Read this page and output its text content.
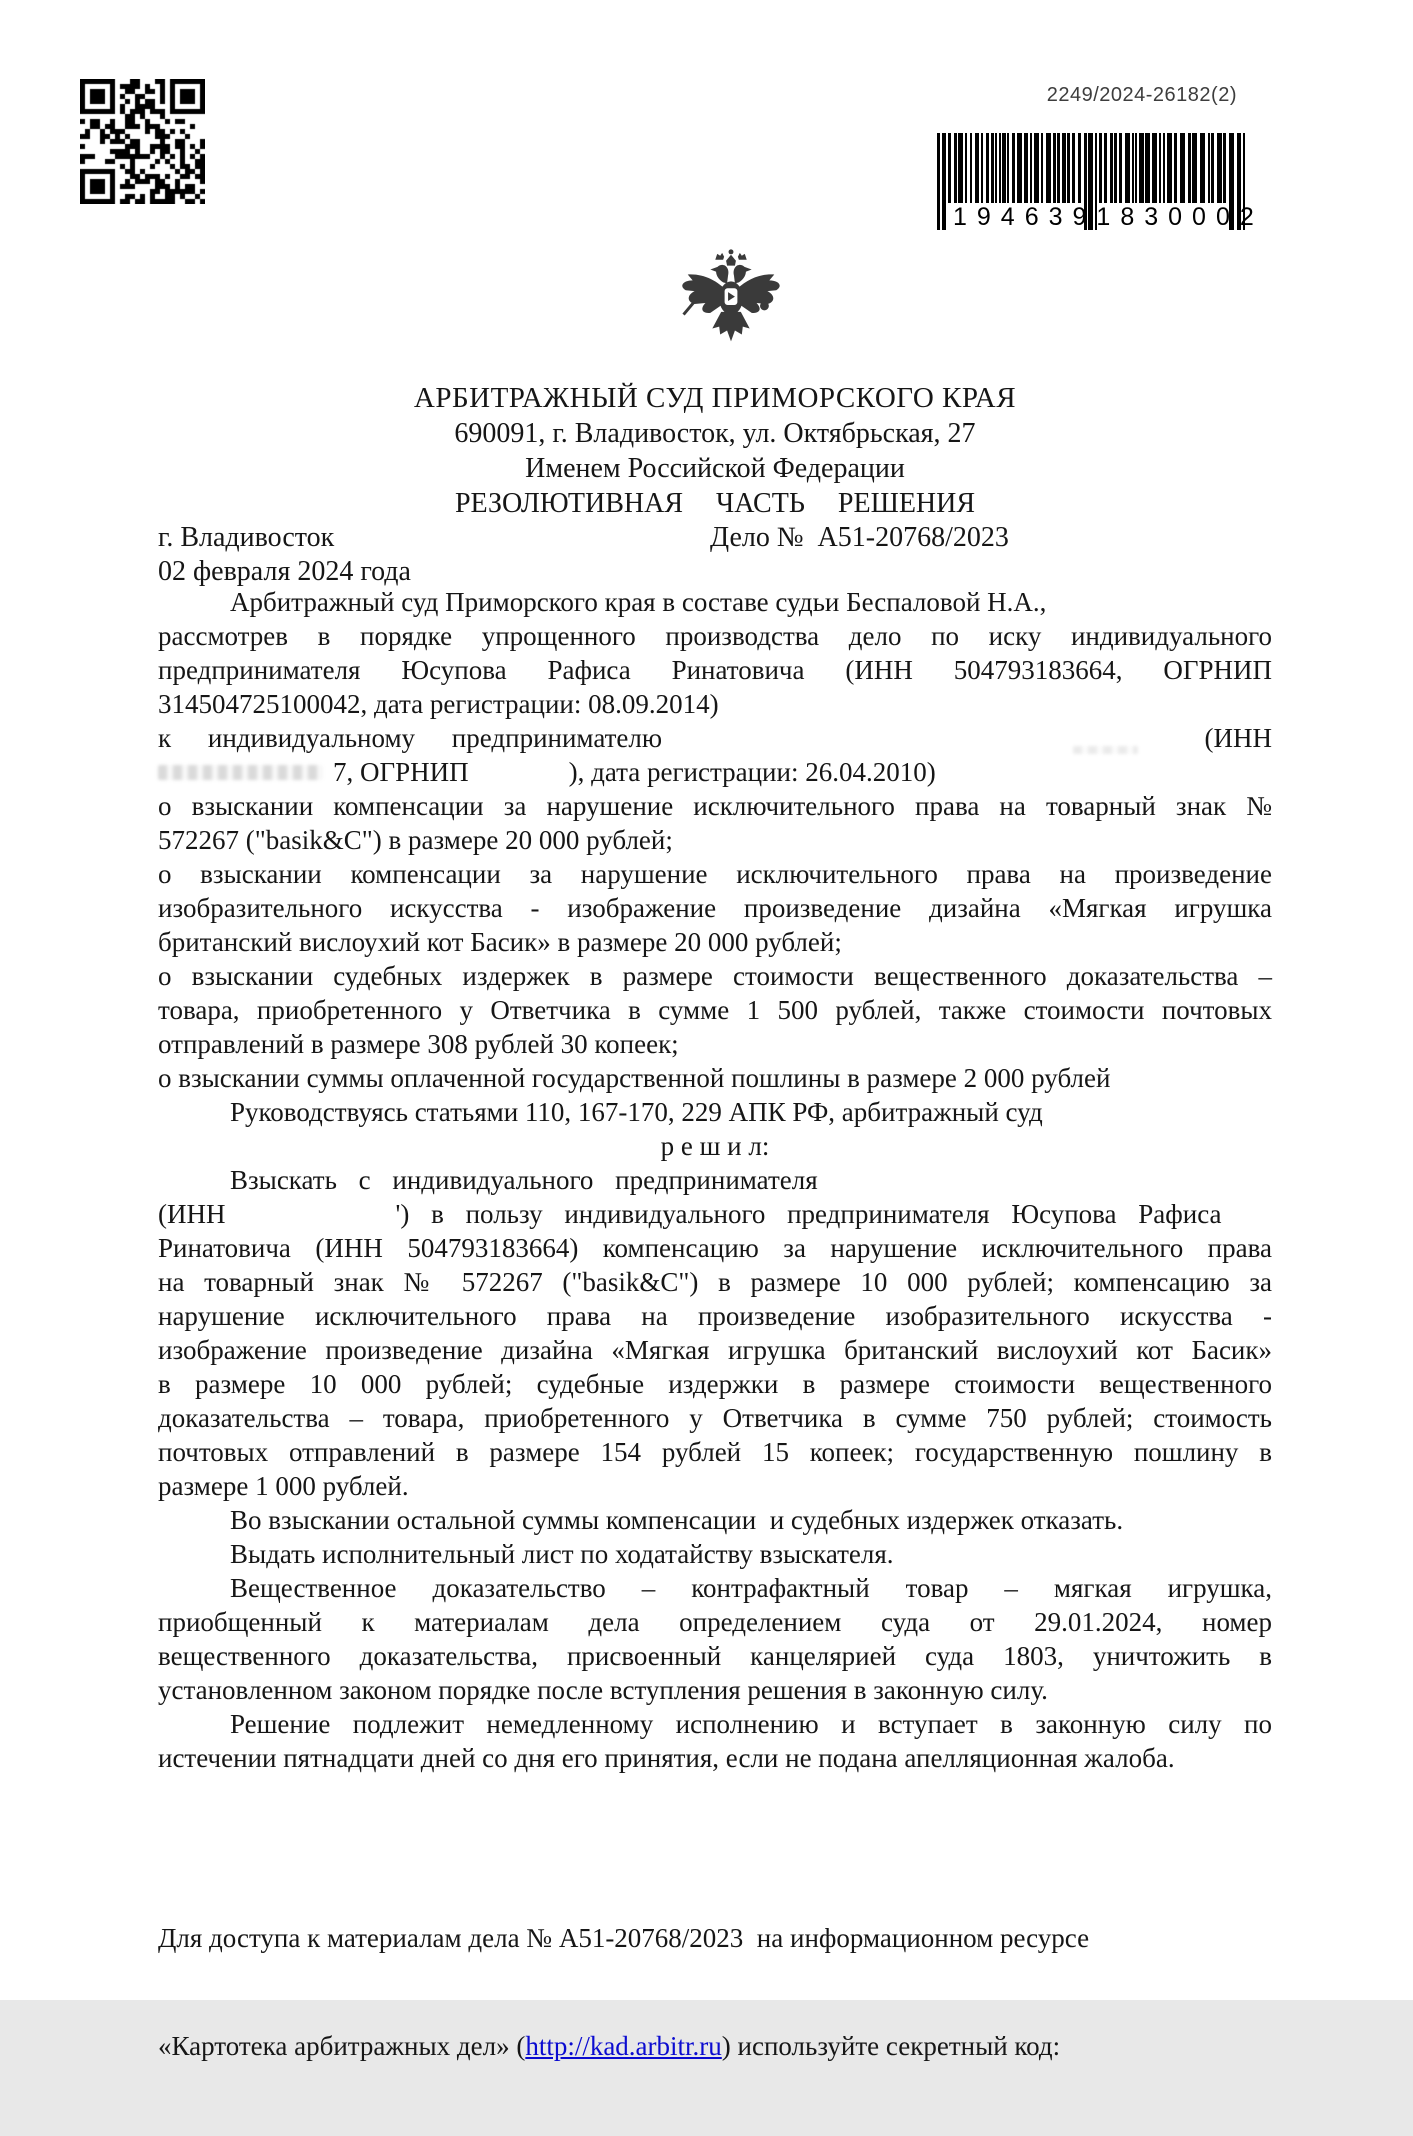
2249/2024-26182(2)
1946391830002
АРБИТРАЖНЫЙ СУД ПРИМОРСКОГО КРАЯ
690091, г. Владивосток, ул. Октябрьская, 27
Именем Российской Федерации
РЕЗОЛЮТИВНАЯ ЧАСТЬ РЕШЕНИЯ
г. Владивосток	Дело №  А51-20768/2023
02 февраля 2024 года
Арбитражный суд Приморского края в составе судьи Беспаловой Н.А.,
рассмотрев в порядке упрощенного производства дело по иску индивидуального
предпринимателя Юсупова Рафиса Ринатовича (ИНН 504793183664, ОГРНИП
314504725100042, дата регистрации: 08.09.2014)
к индивидуальному предпринимателю	(ИНН
7, ОГРНИП	), дата регистрации: 26.04.2010)
о взыскании компенсации за нарушение исключительного права на товарный знак №
572267 ("basik&C") в размере 20 000 рублей;
о взыскании компенсации за нарушение исключительного права на произведение
изобразительного искусства - изображение произведение дизайна «Мягкая игрушка
британский вислоухий кот Басик» в размере 20 000 рублей;
о взыскании судебных издержек в размере стоимости вещественного доказательства –
товара, приобретенного у Ответчика в сумме 1 500 рублей, также стоимости почтовых
отправлений в размере 308 рублей 30 копеек;
о взыскании суммы оплаченной государственной пошлины в размере 2 000 рублей
Руководствуясь статьями 110, 167-170, 229 АПК РФ, арбитражный суд
р е ш и л:
Взыскать с индивидуального предпринимателя
(ИНН	') в пользу индивидуального предпринимателя Юсупова Рафиса
Ринатовича (ИНН 504793183664) компенсацию за нарушение исключительного права
на товарный знак № 572267 ("basik&C") в размере 10 000 рублей; компенсацию за
нарушение исключительного права на произведение изобразительного искусства -
изображение произведение дизайна «Мягкая игрушка британский вислоухий кот Басик»
в размере 10 000 рублей; судебные издержки в размере стоимости вещественного
доказательства – товара, приобретенного у Ответчика в сумме 750 рублей; стоимость
почтовых отправлений в размере 154 рублей 15 копеек; государственную пошлину в
размере 1 000 рублей.
Во взыскании остальной суммы компенсации  и судебных издержек отказать.
Выдать исполнительный лист по ходатайству взыскателя.
Вещественное доказательство – контрафактный товар – мягкая игрушка,
приобщенный к материалам дела определением суда от 29.01.2024, номер
вещественного доказательства, присвоенный канцелярией суда 1803, уничтожить в
установленном законом порядке после вступления решения в законную силу.
Решение подлежит немедленному исполнению и вступает в законную силу по
истечении пятнадцати дней со дня его принятия, если не подана апелляционная жалоба.

Для доступа к материалам дела № А51-20768/2023  на информационном ресурсе

«Картотека арбитражных дел» (http://kad.arbitr.ru) используйте секретный код:
